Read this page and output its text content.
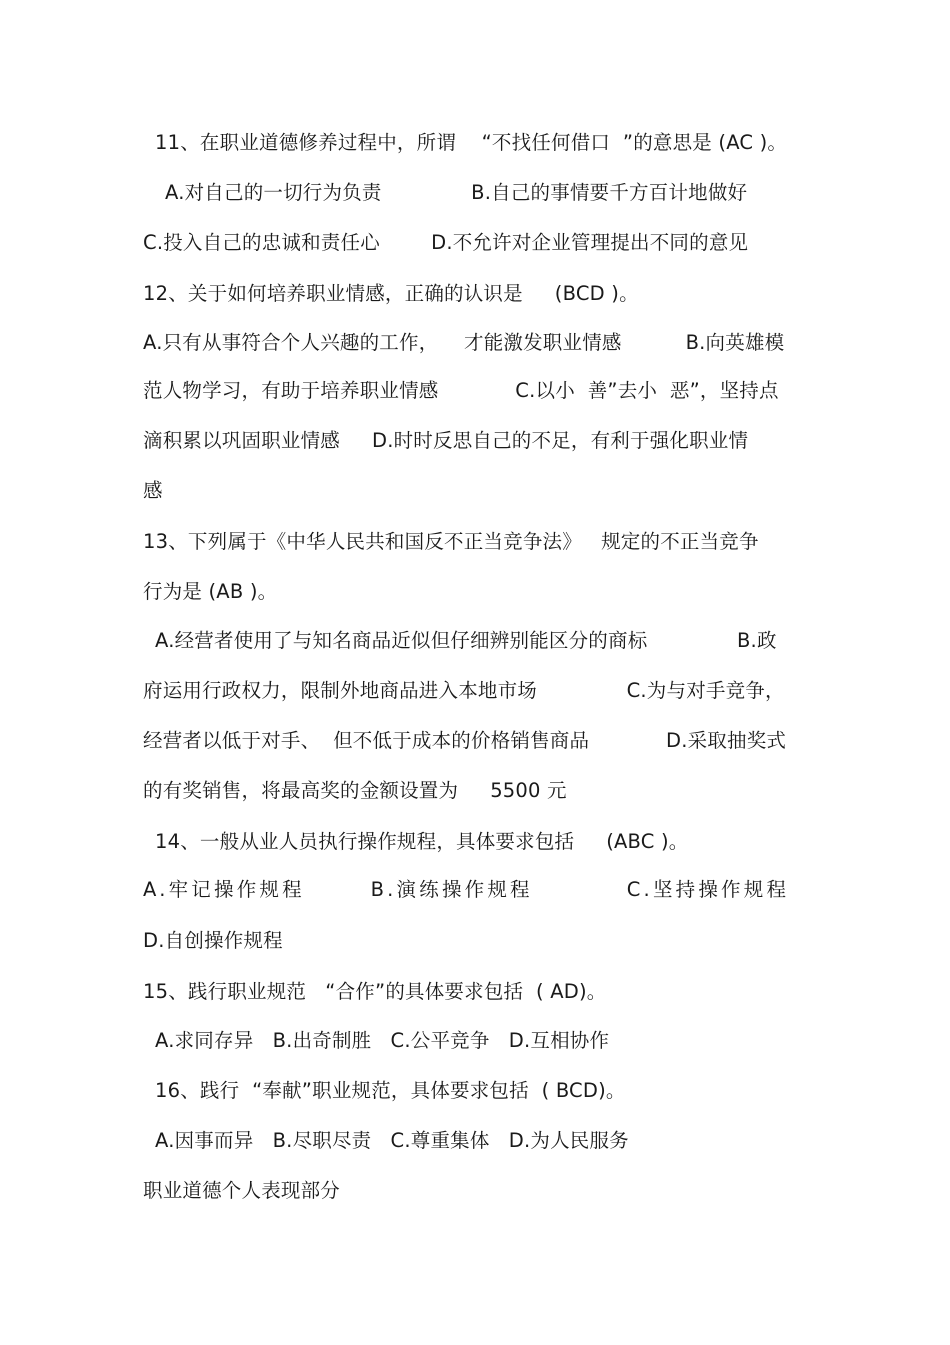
11、在职业道德修养过程中，所谓    “不找任何借口  ”的意思是 (AC )。
A.对自己的一切行为负责              B.自己的事情要千方百计地做好
C.投入自己的忠诚和责任心        D.不允许对企业管理提出不同的意见
12、关于如何培养职业情感，正确的认识是     (BCD )。
A.只有从事符合个人兴趣的工作，    才能激发职业情感          B.向英雄模
范人物学习，有助于培养职业情感            C.以小  善”去小  恶”，坚持点
滴积累以巩固职业情感     D.时时反思自己的不足，有利于强化职业情
感
13、下列属于《中华人民共和国反不正当竞争法》   规定的不正当竞争
行为是 (AB )。
A.经营者使用了与知名商品近似但仔细辨别能区分的商标              B.政
府运用行政权力，限制外地商品进入本地市场              C.为与对手竞争，
经营者以低于对手、  但不低于成本的价格销售商品            D.采取抽奖式
的有奖销售，将最高奖的金额设置为     5500 元
14、一般从业人员执行操作规程，具体要求包括     (ABC )。
A.牢记操作规程       B.演练操作规程          C.坚持操作规程
D.自创操作规程
15、践行职业规范   “合作”的具体要求包括  ( AD)。
A.求同存异   B.出奇制胜   C.公平竞争   D.互相协作
16、践行  “奉献”职业规范，具体要求包括  ( BCD)。
A.因事而异   B.尽职尽责   C.尊重集体   D.为人民服务
职业道德个人表现部分
